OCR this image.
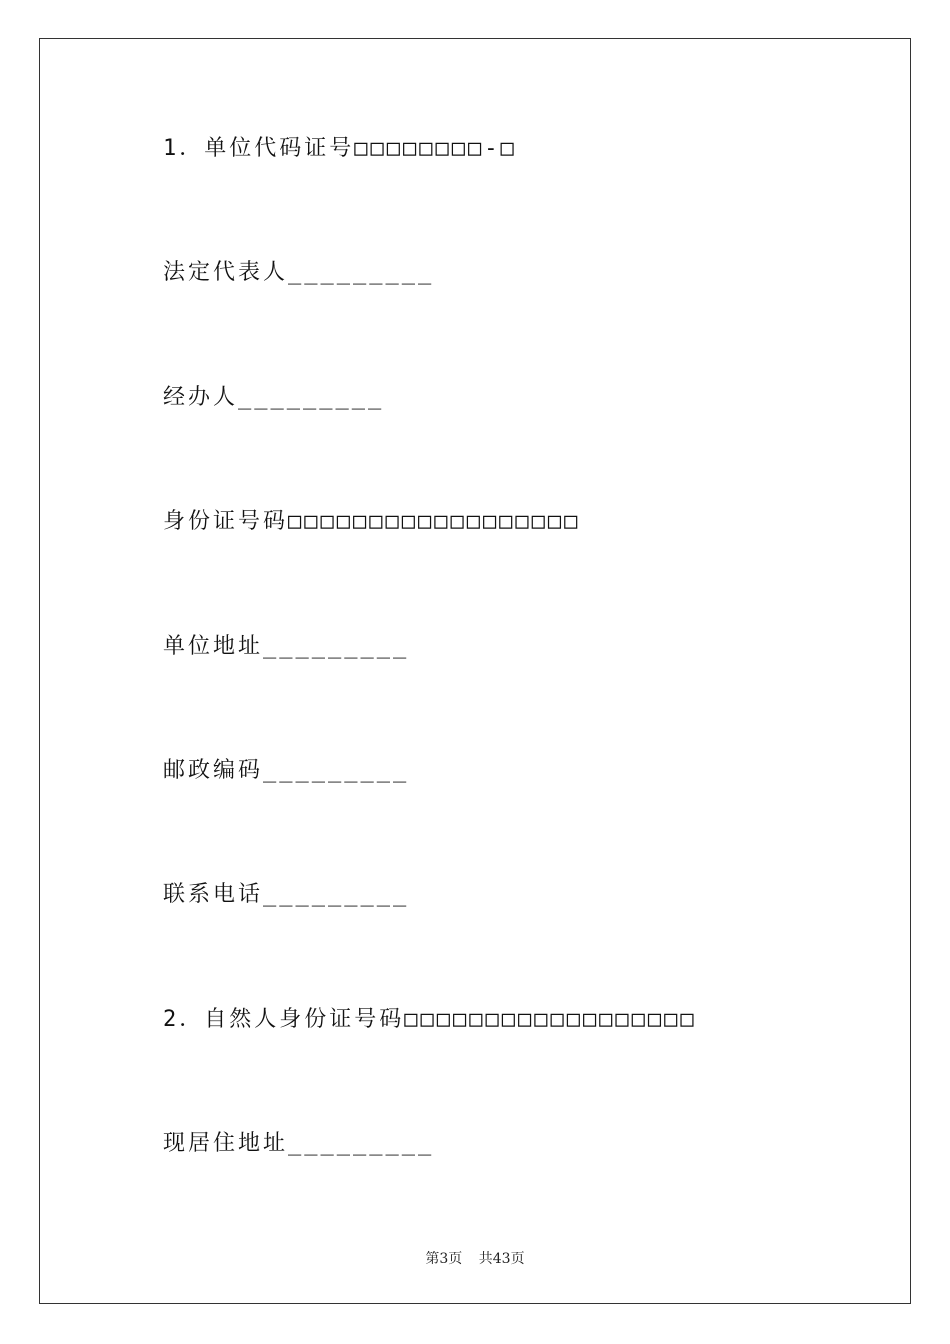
1．单位代码证号□□□□□□□□-□
法定代表人_________
经办人_________
身份证号码□□□□□□□□□□□□□□□□□□
单位地址_________
邮政编码_________
联系电话_________
2．自然人身份证号码□□□□□□□□□□□□□□□□□□
现居住地址_________
第3页 共43页
